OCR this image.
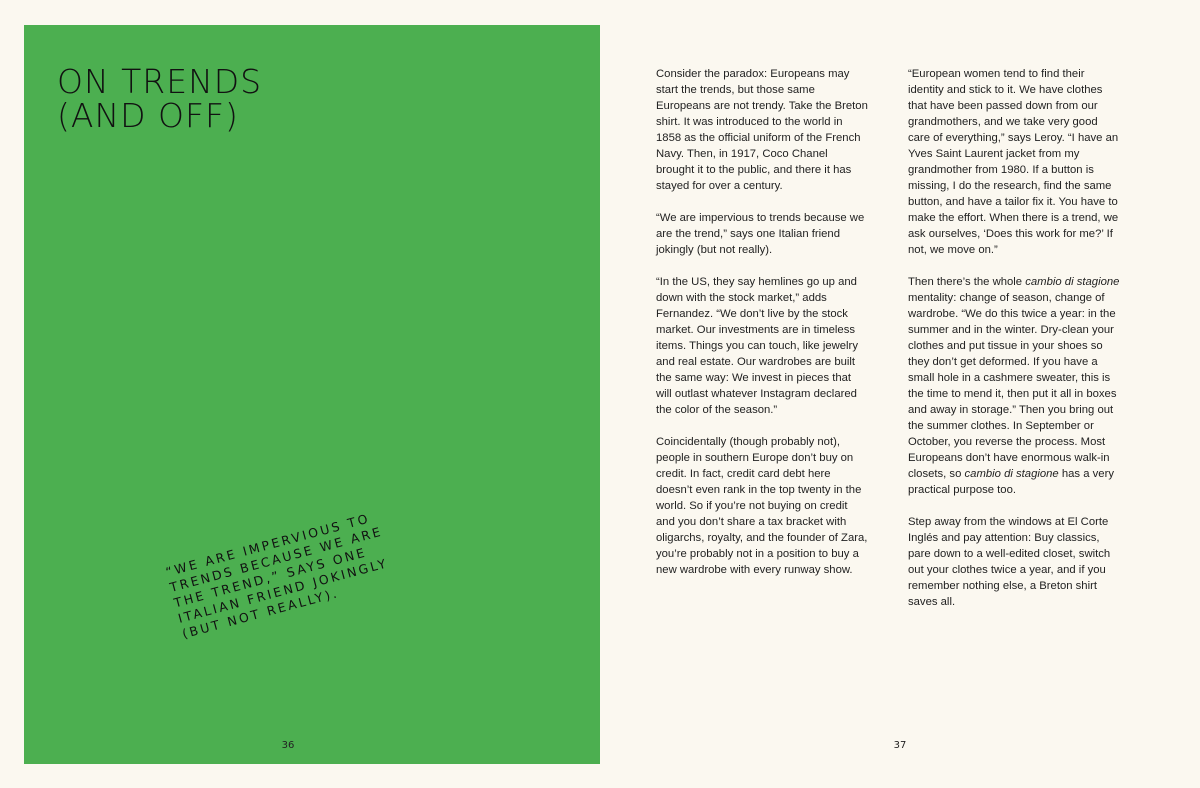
ON TRENDS
(AND OFF)
“WE ARE IMPERVIOUS TO TRENDS BECAUSE WE ARE THE TREND,” SAYS ONE ITALIAN FRIEND JOKINGLY (BUT NOT REALLY).
36

Consider the paradox: Europeans may start the trends, but those same Europeans are not trendy. Take the Breton shirt. It was introduced to the world in 1858 as the official uniform of the French Navy. Then, in 1917, Coco Chanel brought it to the public, and there it has stayed for over a century.

“We are impervious to trends because we are the trend,” says one Italian friend jokingly (but not really).

“In the US, they say hemlines go up and down with the stock market,” adds Fernandez. “We don’t live by the stock market. Our investments are in timeless items. Things you can touch, like jewelry and real estate. Our wardrobes are built the same way: We invest in pieces that will outlast whatever Instagram declared the color of the season.”

Coincidentally (though probably not), people in southern Europe don’t buy on credit. In fact, credit card debt here doesn’t even rank in the top twenty in the world. So if you’re not buying on credit and you don’t share a tax bracket with oligarchs, royalty, and the founder of Zara, you’re probably not in a position to buy a new wardrobe with every runway show.

“European women tend to find their identity and stick to it. We have clothes that have been passed down from our grandmothers, and we take very good care of everything,” says Leroy. “I have an Yves Saint Laurent jacket from my grandmother from 1980. If a button is missing, I do the research, find the same button, and have a tailor fix it. You have to make the effort. When there is a trend, we ask ourselves, ‘Does this work for me?’ If not, we move on.”

Then there’s the whole cambio di stagione mentality: change of season, change of wardrobe. “We do this twice a year: in the summer and in the winter. Dry-clean your clothes and put tissue in your shoes so they don’t get deformed. If you have a small hole in a cashmere sweater, this is the time to mend it, then put it all in boxes and away in storage.” Then you bring out the summer clothes. In September or October, you reverse the process. Most Europeans don’t have enormous walk-in closets, so cambio di stagione has a very practical purpose too.

Step away from the windows at El Corte Inglés and pay attention: Buy classics, pare down to a well-edited closet, switch out your clothes twice a year, and if you remember nothing else, a Breton shirt saves all.

37
